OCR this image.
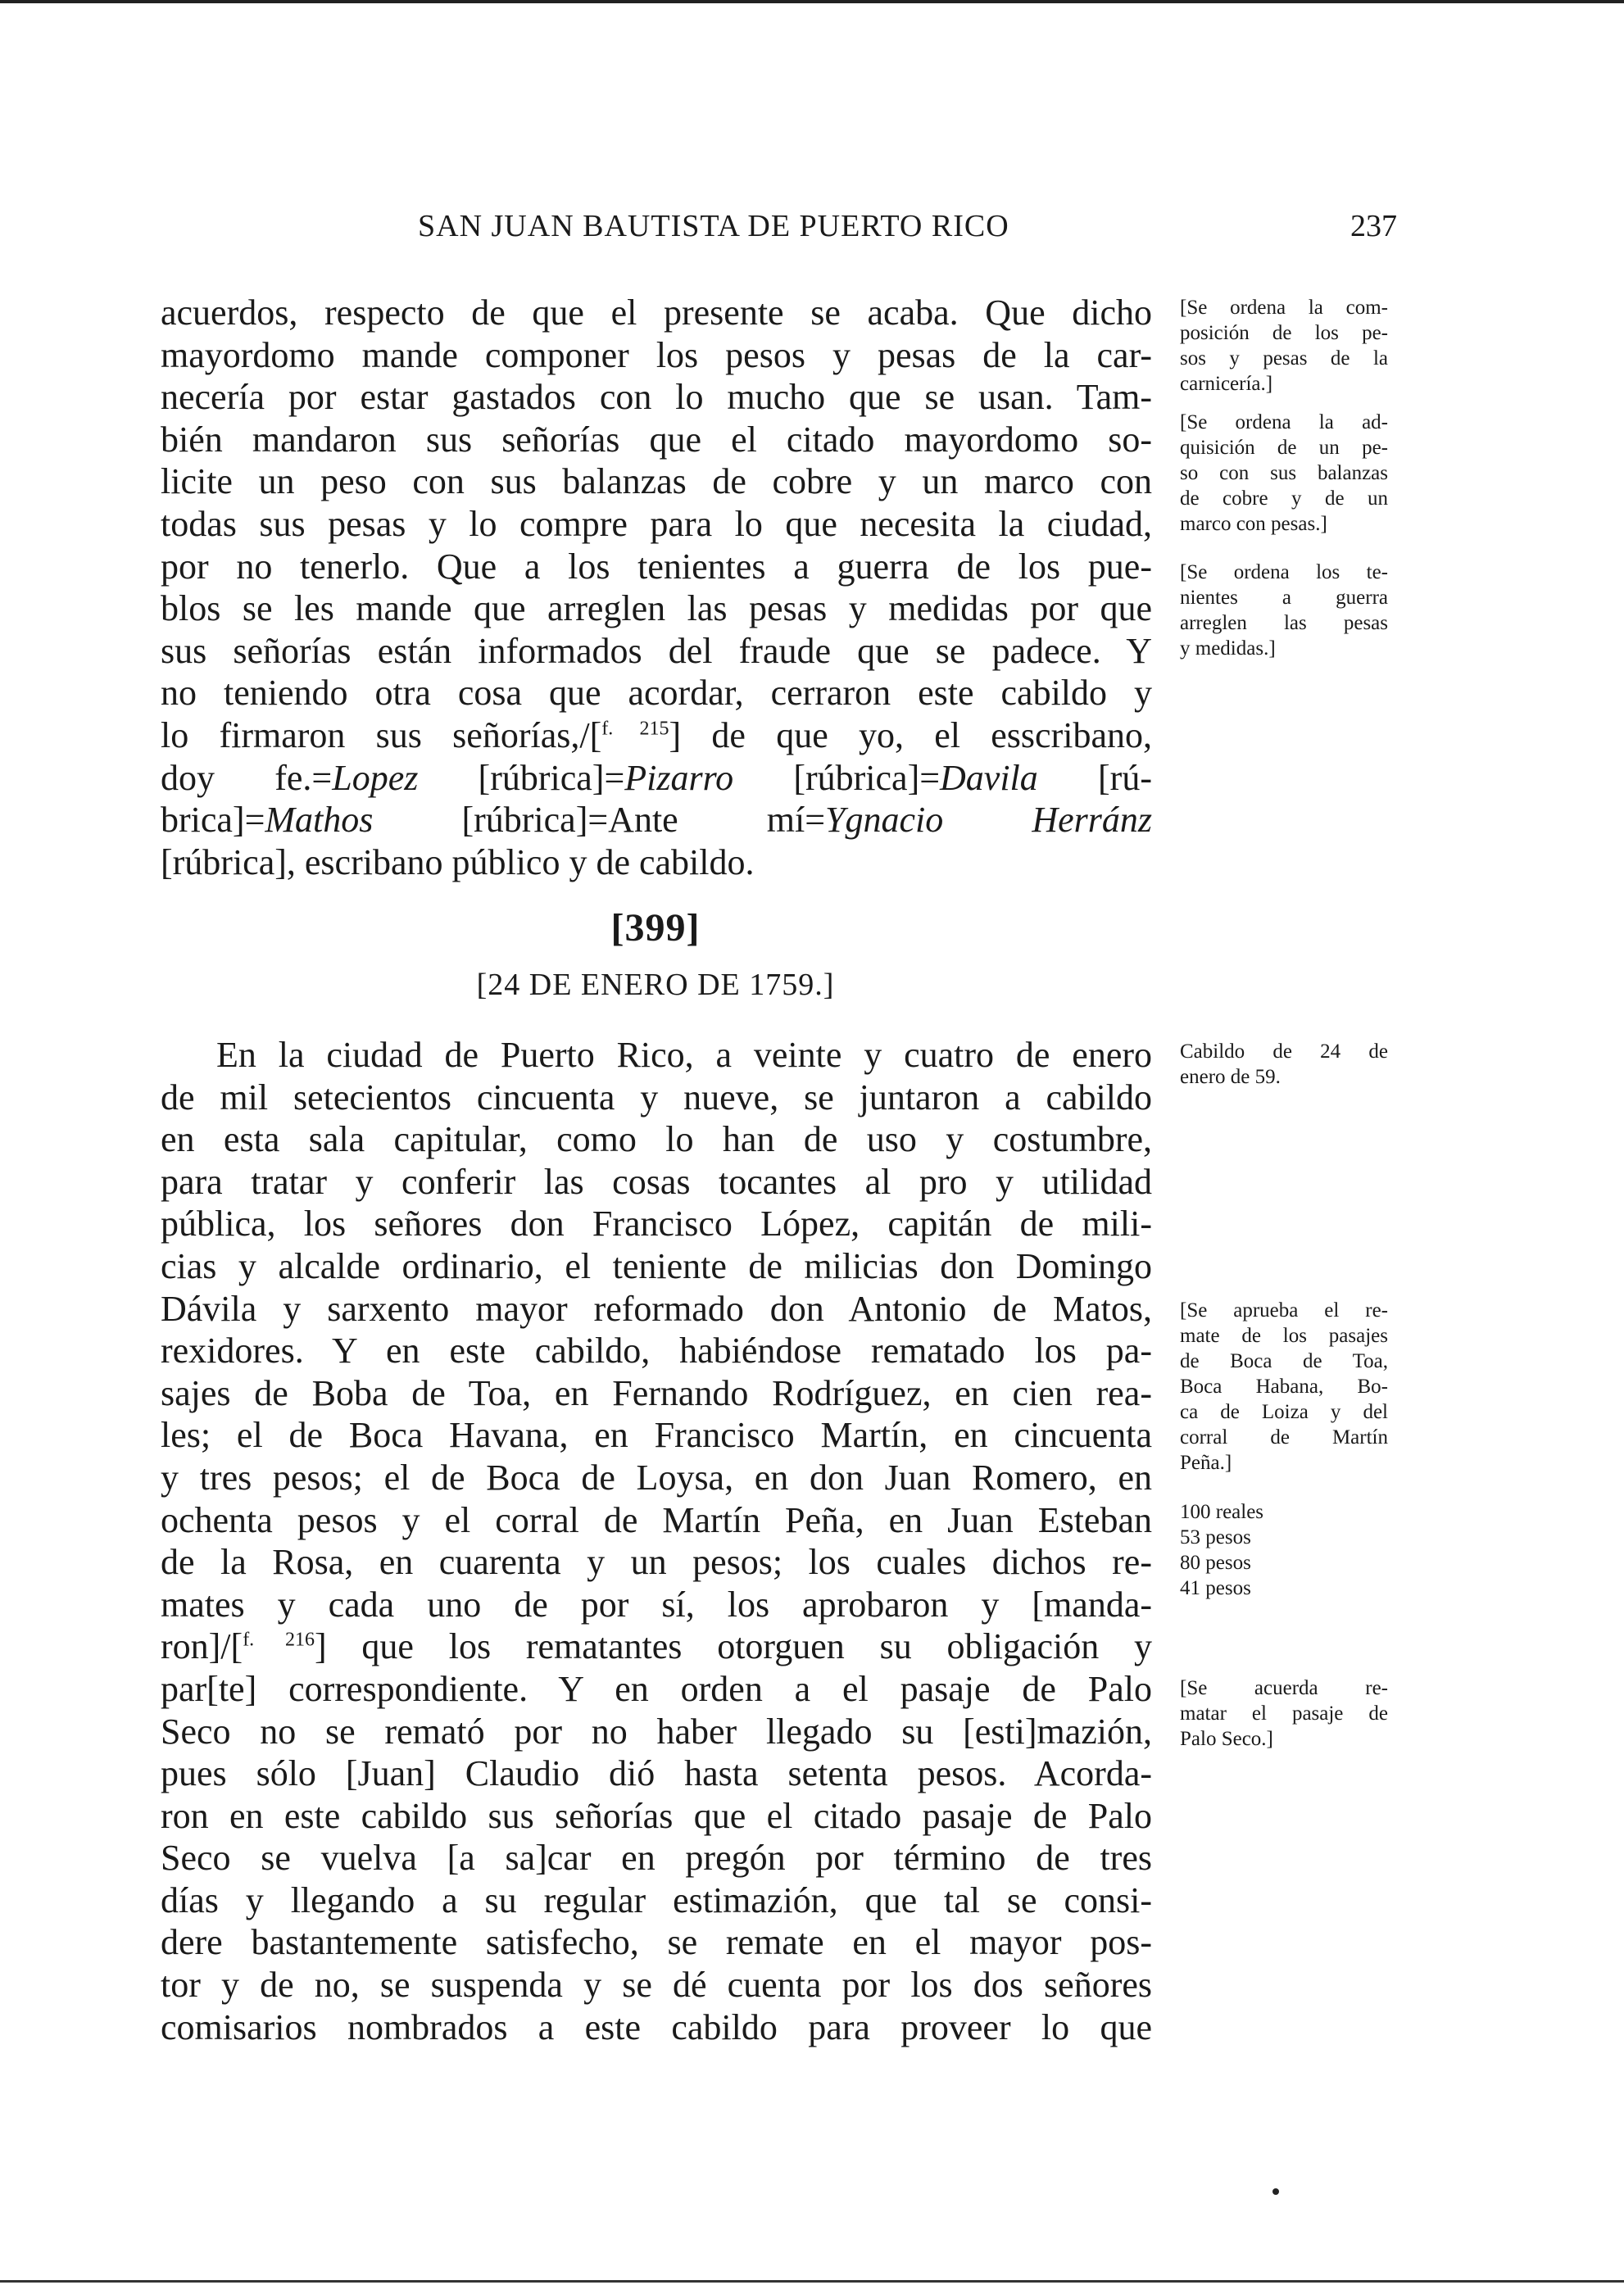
SAN JUAN BAUTISTA DE PUERTO RICO	237
acuerdos, respecto de que el presente se acaba. Que dicho
mayordomo mande componer los pesos y pesas de la car-
necería por estar gastados con lo mucho que se usan. Tam-
bién mandaron sus señorías que el citado mayordomo so-
licite un peso con sus balanzas de cobre y un marco con
todas sus pesas y lo compre para lo que necesita la ciudad,
por no tenerlo. Que a los tenientes a guerra de los pue-
blos se les mande que arreglen las pesas y medidas por que
sus señorías están informados del fraude que se padece. Y
no teniendo otra cosa que acordar, cerraron este cabildo y
lo firmaron sus señorías,/[$^{f. 215}$] de que yo, el esscribano,
doy fe.=Lopez [rúbrica]=Pizarro [rúbrica]=Davila [rú-
brica]=Mathos [rúbrica]=Ante mí=Ygnacio Herránz
[rúbrica], escribano público y de cabildo.
[399]
[24 DE ENERO DE 1759.]
En la ciudad de Puerto Rico, a veinte y cuatro de enero
de mil setecientos cincuenta y nueve, se juntaron a cabildo
en esta sala capitular, como lo han de uso y costumbre,
para tratar y conferir las cosas tocantes al pro y utilidad
pública, los señores don Francisco López, capitán de mili-
cias y alcalde ordinario, el teniente de milicias don Domingo
Dávila y sarxento mayor reformado don Antonio de Matos,
rexidores. Y en este cabildo, habiéndose rematado los pa-
sajes de Boba de Toa, en Fernando Rodríguez, en cien rea-
les; el de Boca Havana, en Francisco Martín, en cincuenta
y tres pesos; el de Boca de Loysa, en don Juan Romero, en
ochenta pesos y el corral de Martín Peña, en Juan Esteban
de la Rosa, en cuarenta y un pesos; los cuales dichos re-
mates y cada uno de por sí, los aprobaron y [manda-
ron]/[$^{f. 216}$] que los rematantes otorguen su obligación y
par[te] correspondiente. Y en orden a el pasaje de Palo
Seco no se remató por no haber llegado su [esti]mazión,
pues sólo [Juan] Claudio dió hasta setenta pesos. Acorda-
ron en este cabildo sus señorías que el citado pasaje de Palo
Seco se vuelva [a sa]car en pregón por término de tres
días y llegando a su regular estimazión, que tal se consi-
dere bastantemente satisfecho, se remate en el mayor pos-
tor y de no, se suspenda y se dé cuenta por los dos señores
comisarios nombrados a este cabildo para proveer lo que
[Se ordena la com-
posición de los pe-
sos y pesas de la
carnicería.]
[Se ordena la ad-
quisición de un pe-
so con sus balanzas
de cobre y de un
marco con pesas.]
[Se ordena los te-
nientes a guerra
arreglen las pesas
y medidas.]
Cabildo de 24 de
enero de 59.
[Se aprueba el re-
mate de los pasajes
de Boca de Toa,
Boca Habana, Bo-
ca de Loiza y del
corral de Martín
Peña.]
100 reales
53 pesos
80 pesos
41 pesos
[Se acuerda re-
matar el pasaje de
Palo Seco.]
